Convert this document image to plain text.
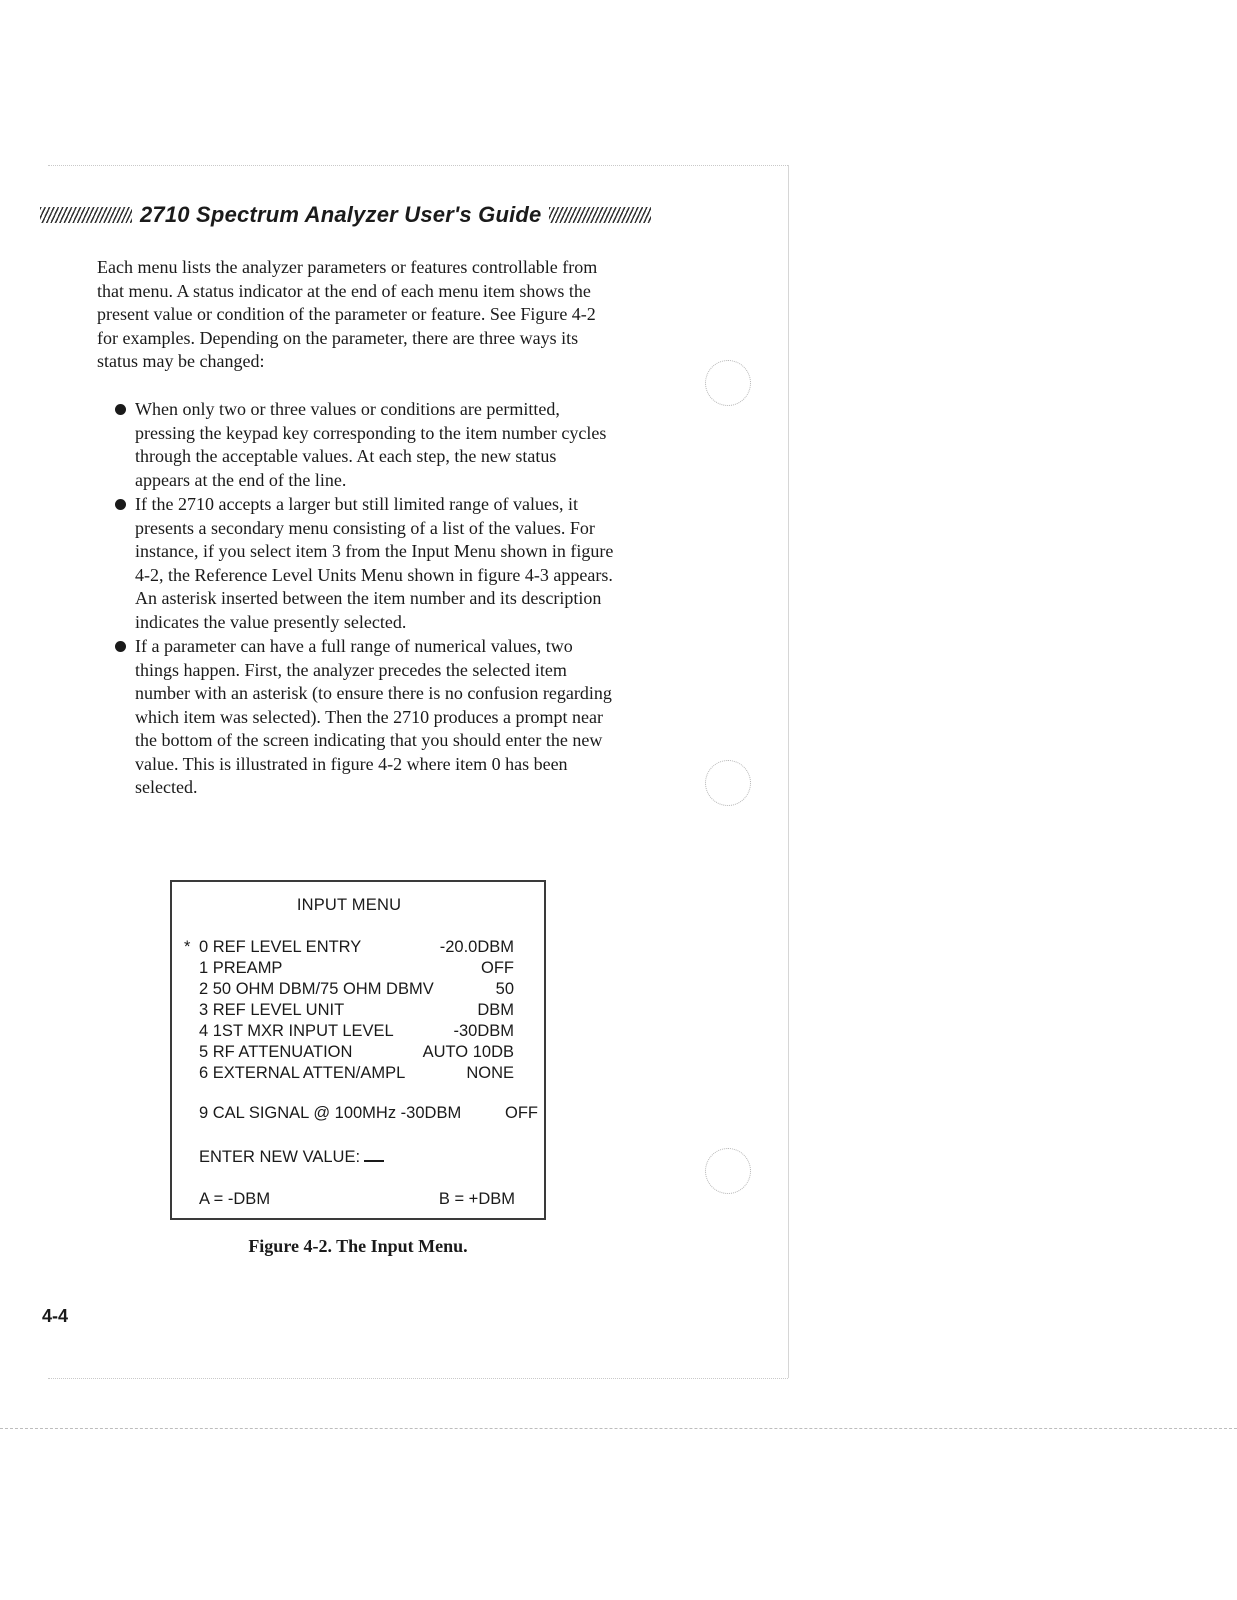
2710 Spectrum Analyzer User's Guide

Each menu lists the analyzer parameters or features controllable from that menu. A status indicator at the end of each menu item shows the present value or condition of the parameter or feature. See Figure 4-2 for examples. Depending on the parameter, there are three ways its status may be changed:

When only two or three values or conditions are permitted, pressing the keypad key corresponding to the item number cycles through the acceptable values. At each step, the new status appears at the end of the line.
If the 2710 accepts a larger but still limited range of values, it presents a secondary menu consisting of a list of the values. For instance, if you select item 3 from the Input Menu shown in figure 4-2, the Reference Level Units Menu shown in figure 4-3 appears. An asterisk inserted between the item number and its description indicates the value presently selected.
If a parameter can have a full range of numerical values, two things happen. First, the analyzer precedes the selected item number with an asterisk (to ensure there is no confusion regarding which item was selected). Then the 2710 produces a prompt near the bottom of the screen indicating that you should enter the new value. This is illustrated in figure 4-2 where item 0 has been selected.
INPUT MENU
* 0 REF LEVEL ENTRY	-20.0DBM
1 PREAMP	OFF
2 50 OHM DBM/75 OHM DBMV	50
3 REF LEVEL UNIT	DBM
4 1ST MXR INPUT LEVEL	-30DBM
5 RF ATTENUATION	AUTO 10DB
6 EXTERNAL ATTEN/AMPL	NONE
9 CAL SIGNAL @ 100MHz -30DBM	OFF
ENTER NEW VALUE:
A = -DBM	B = +DBM
Figure 4-2. The Input Menu.
4-4
